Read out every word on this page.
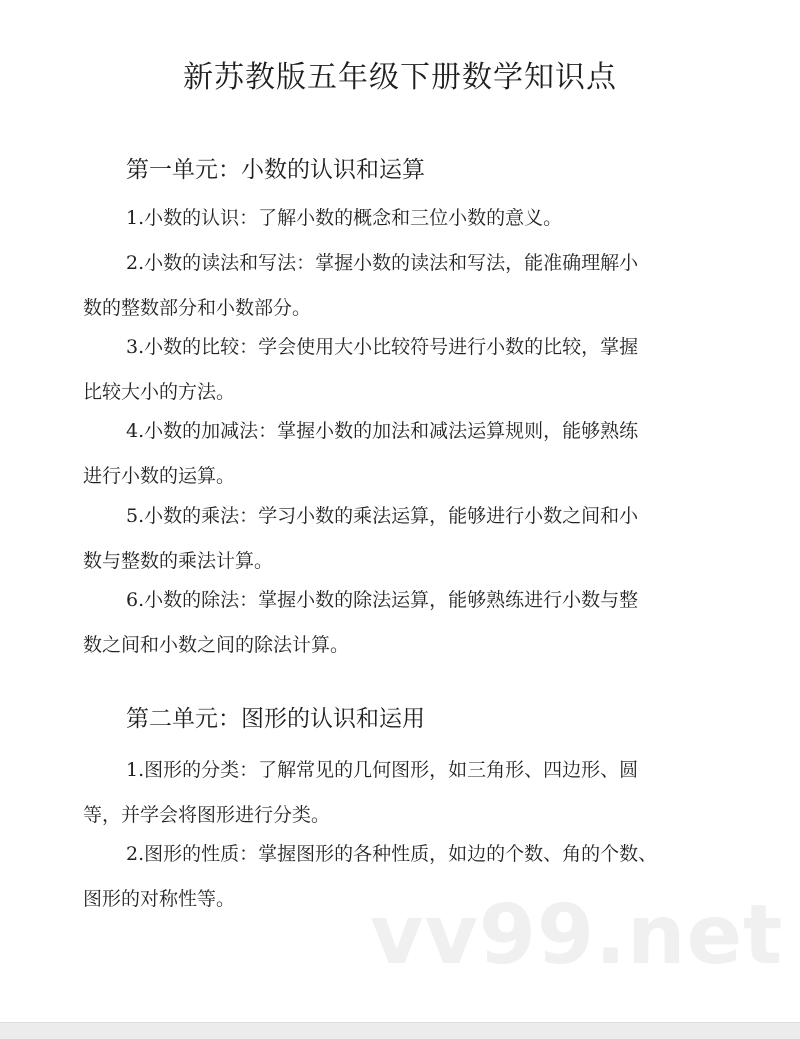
新苏教版五年级下册数学知识点
第一单元：小数的认识和运算
1.小数的认识：了解小数的概念和三位小数的意义。
2.小数的读法和写法：掌握小数的读法和写法，能准确理解小
数的整数部分和小数部分。
3.小数的比较：学会使用大小比较符号进行小数的比较，掌握
比较大小的方法。
4.小数的加减法：掌握小数的加法和减法运算规则，能够熟练
进行小数的运算。
5.小数的乘法：学习小数的乘法运算，能够进行小数之间和小
数与整数的乘法计算。
6.小数的除法：掌握小数的除法运算，能够熟练进行小数与整
数之间和小数之间的除法计算。
第二单元：图形的认识和运用
1.图形的分类：了解常见的几何图形，如三角形、四边形、圆
等，并学会将图形进行分类。
2.图形的性质：掌握图形的各种性质，如边的个数、角的个数、
图形的对称性等。	vv99.net
